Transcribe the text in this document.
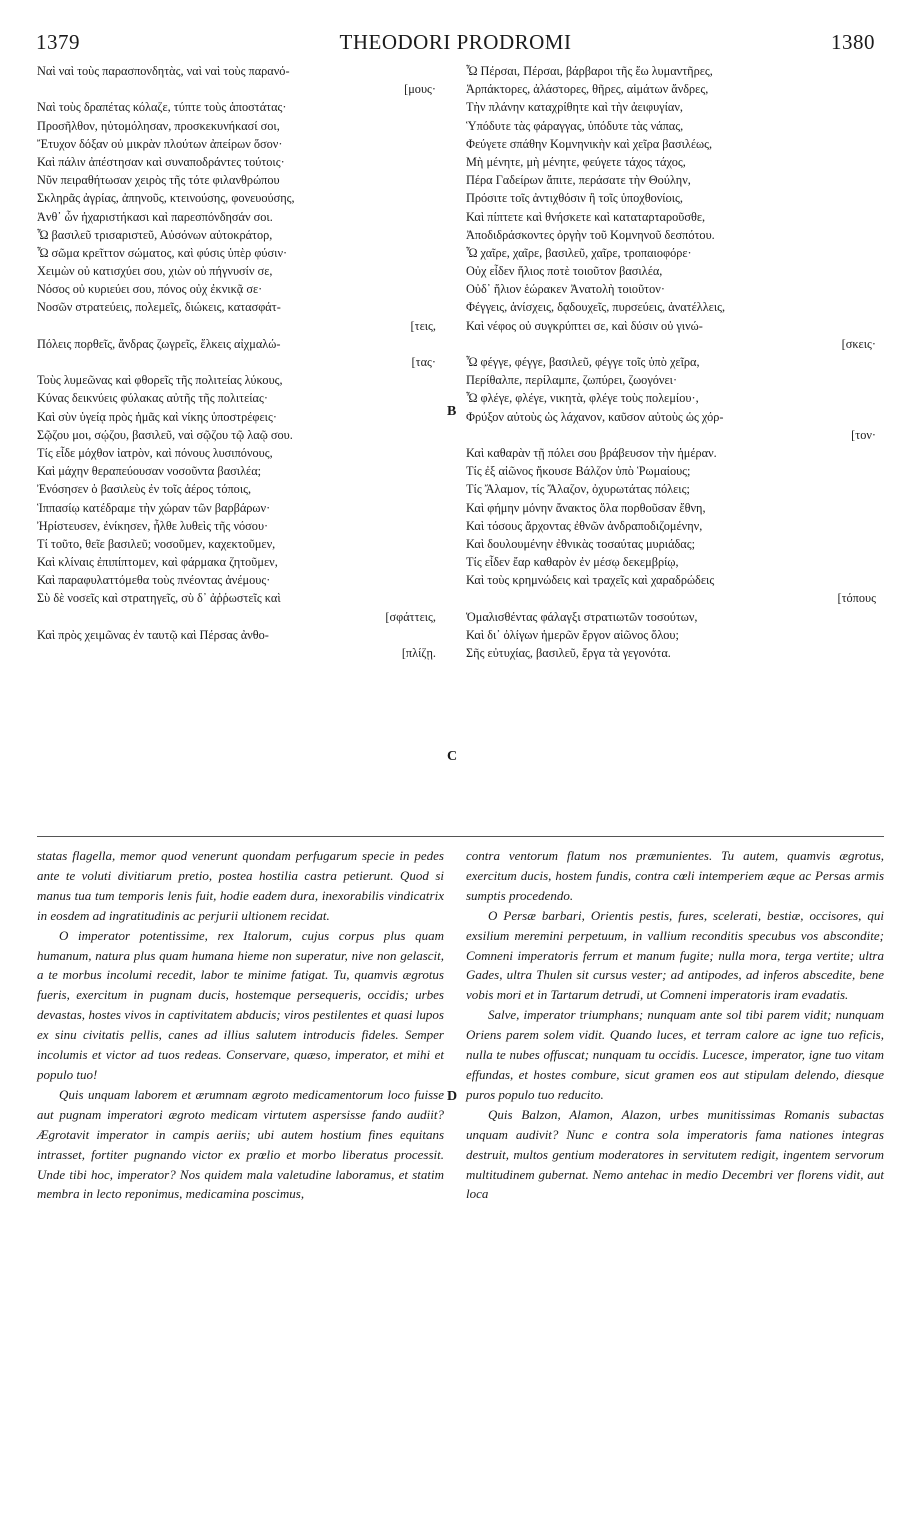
1379	THEODORI PRODROMI	1380
Ναὶ ναὶ τοὺς παρασπονδητὰς, ναὶ ναὶ τοὺς παρανό-
[μους·
Ναὶ τοὺς δραπέτας κόλαζε, τύπτε τοὺς ἀποστάτας·
Προσῆλθον, ηὐτομόλησαν, προσκεκυνήκασί σοι,
Ἔτυχον δόξαν οὐ μικρὰν πλούτων ἀπείρων ὅσον·
Καὶ πάλιν ἀπέστησαν καὶ συναποδράντες τούτοις·
Νῦν πειραθήτωσαν χειρὸς τῆς τότε φιλανθρώπου
Σκληρᾶς ἀγρίας, ἀπηνοῦς, κτεινούσης, φονευούσης,
Ἀνθ᾽ ὧν ἠχαριστήκασι καὶ παρεσπόνδησάν σοι.
Ὦ βασιλεῦ τρισαριστεῦ, Αὐσόνων αὐτοκράτορ,
Ὦ σῶμα κρεῖττον σώματος, καὶ φύσις ὑπὲρ φύσιν·
Χειμὼν οὐ κατισχύει σου, χιὼν οὐ πήγνυσίν σε,
Νόσος οὐ κυριεύει σου, πόνος οὐχ ἐκνικᾷ σε·
Νοσῶν στρατεύεις, πολεμεῖς, διώκεις, κατασφάτ-
[τεις,
Πόλεις πορθεῖς, ἄνδρας ζωγρεῖς, ἕλκεις αἰχμαλώ-
[τας·
Τοὺς λυμεῶνας καὶ φθορεῖς τῆς πολιτείας λύκους,
Κύνας δεικνύεις φύλακας αὐτῆς τῆς πολιτείας·
Καὶ σὺν ὑγείᾳ πρὸς ἡμᾶς καὶ νίκης ὑποστρέφεις·
Σῷζου μοι, σῴζου, βασιλεῦ, ναὶ σῷζου τῷ λαῷ σου.
Τίς εἶδε μόχθον ἰατρὸν, καὶ πόνους λυσιπόνους,
Καὶ μάχην θεραπεύουσαν νοσοῦντα βασιλέα;
Ἐνόσησεν ὁ βασιλεὺς ἐν τοῖς ἀέρος τόποις,
Ἱππασίῳ κατέδραμε τὴν χώραν τῶν βαρβάρων·
Ἠρίστευσεν, ἐνίκησεν, ἦλθε λυθεὶς τῆς νόσου·
Τί τοῦτο, θεῖε βασιλεῦ; νοσοῦμεν, καχεκτοῦμεν,
Καὶ κλίναις ἐπιπίπτομεν, καὶ φάρμακα ζητοῦμεν,
Καὶ παραφυλαττόμεθα τοὺς πνέοντας ἀνέμους·
Σὺ δὲ νοσεῖς καὶ στρατηγεῖς, σὺ δ᾽ ἀῤῥωστεῖς καὶ
[σφάττεις,
Καὶ πρὸς χειμῶνας ἐν ταυτῷ καὶ Πέρσας ἀνθο-
[πλίζῃ.
Ὦ Πέρσαι, Πέρσαι, βάρβαροι τῆς ἕω λυμαντῆρες,
Ἁρπάκτορες, ἀλάστορες, θῆρες, αἱμάτων ἄνδρες,
Τὴν πλάνην καταχρίθητε καὶ τὴν ἀειφυγίαν,
Ὑπόδυτε τὰς φάραγγας, ὑπόδυτε τὰς νάπας,
Φεύγετε σπάθην Κομνηνικὴν καὶ χεῖρα βασιλέως,
Μὴ μένητε, μὴ μένητε, φεύγετε τάχος τάχος,
Πέρα Γαδείρων ἄπιτε, περάσατε τὴν Θούλην,
Πρόσιτε τοῖς ἀντιχθόσιν ἢ τοῖς ὑποχθονίοις,
Καὶ πίπτετε καὶ θνήσκετε καὶ καταταρταροῦσθε,
Ἀποδιδράσκοντες ὀργὴν τοῦ Κομνηνοῦ δεσπότου.
Ὦ χαῖρε, χαῖρε, βασιλεῦ, χαῖρε, τροπαιοφόρε·
Οὐχ εἶδεν ἥλιος ποτὲ τοιοῦτον βασιλέα,
Οὐδ᾽ ἥλιον ἑώρακεν Ἀνατολὴ τοιοῦτον·
Φέγγεις, ἀνίσχεις, δᾳδουχεῖς, πυρσεύεις, ἀνατέλλεις,
Καὶ νέφος οὐ συγκρύπτει σε, καὶ δύσιν οὐ γινώ-
[σκεις·
Ὦ φέγγε, φέγγε, βασιλεῦ, φέγγε τοῖς ὑπὸ χεῖρα,
Περίθαλπε, περίλαμπε, ζωπύρει, ζωογόνει·
Ὦ φλέγε, φλέγε, νικητὰ, φλέγε τοὺς πολεμίου·,
Φρύξον αὐτοὺς ὡς λάχανον, καῦσον αὐτοὺς ὡς χόρ-
[τον·
Καὶ καθαρὰν τῇ πόλει σου βράβευσον τὴν ἡμέραν.
Τίς ἐξ αἰῶνος ἤκουσε Βάλζον ὑπὸ Ῥωμαίους;
Τίς Ἄλαμον, τίς Ἄλαζον, ὀχυρωτάτας πόλεις;
Καὶ φήμην μόνην ἄνακτος ὅλα πορθοῦσαν ἔθνη,
Καὶ τόσους ἄρχοντας ἐθνῶν ἀνδραποδιζομένην,
Καὶ δουλουμένην ἐθνικὰς τοσαύτας μυριάδας;
Τίς εἶδεν ἔαρ καθαρὸν ἐν μέσῳ δεκεμβρίῳ,
Καὶ τοὺς κρημνώδεις καὶ τραχεῖς καὶ χαραδρώδεις
[τόπους
Ὁμαλισθέντας φάλαγξι στρατιωτῶν τοσούτων,
Καὶ δι᾽ ὀλίγων ἡμερῶν ἔργον αἰῶνος ὅλου;
Σῆς εὐτυχίας, βασιλεῦ, ἔργα τὰ γεγονότα.
B
C
D

statas flagella, memor quod venerunt quondam perfugarum specie in pedes ante te voluti divitiarum pretio, postea hostilia castra petierunt. Quod si manus tua tum temporis lenis fuit, hodie eadem dura, inexorabilis vindicatrix in eosdem ad ingratitudinis ac perjurii ultionem recidat.

O imperator potentissime, rex Italorum, cujus corpus plus quam humanum, natura plus quam humana hieme non superatur, nive non gelascit, a te morbus incolumi recedit, labor te minime fatigat. Tu, quamvis ægrotus fueris, exercitum in pugnam ducis, hostemque persequeris, occidis; urbes devastas, hostes vivos in captivitatem abducis; viros pestilentes et quasi lupos ex sinu civitatis pellis, canes ad illius salutem introducis fideles. Semper incolumis et victor ad tuos redeas. Conservare, quæso, imperator, et mihi et populo tuo!

Quis unquam laborem et ærumnam ægroto medicamentorum loco fuisse aut pugnam imperatori ægroto medicam virtutem aspersisse fando audiit? Ægrotavit imperator in campis aeriis; ubi autem hostium fines equitans intrasset, fortiter pugnando victor ex prœlio et morbo liberatus processit. Unde tibi hoc, imperator? Nos quidem mala valetudine laboramus, et statim membra in lecto reponimus, medicamina poscimus,

contra ventorum flatum nos præmunientes. Tu autem, quamvis ægrotus, exercitum ducis, hostem fundis, contra cœli intemperiem æque ac Persas armis sumptis procedendo.

O Persæ barbari, Orientis pestis, fures, scelerati, bestiæ, occisores, qui exsilium meremini perpetuum, in vallium reconditis specubus vos abscondite; Comneni imperatoris ferrum et manum fugite; nulla mora, terga vertite; ultra Gades, ultra Thulen sit cursus vester; ad antipodes, ad inferos abscedite, bene vobis mori et in Tartarum detrudi, ut Comneni imperatoris iram evadatis.

Salve, imperator triumphans; nunquam ante sol tibi parem vidit; nunquam Oriens parem solem vidit. Quando luces, et terram calore ac igne tuo reficis, nulla te nubes offuscat; nunquam tu occidis. Lucesce, imperator, igne tuo vitam effundas, et hostes combure, sicut gramen eos aut stipulam delendo, diesque puros populo tuo reducito.

Quis Balzon, Alamon, Alazon, urbes munitissimas Romanis subactas unquam audivit? Nunc e contra sola imperatoris fama nationes integras destruit, multos gentium moderatores in servitutem redigit, ingentem servorum multitudinem gubernat. Nemo antehac in medio Decembri ver florens vidit, aut loca
